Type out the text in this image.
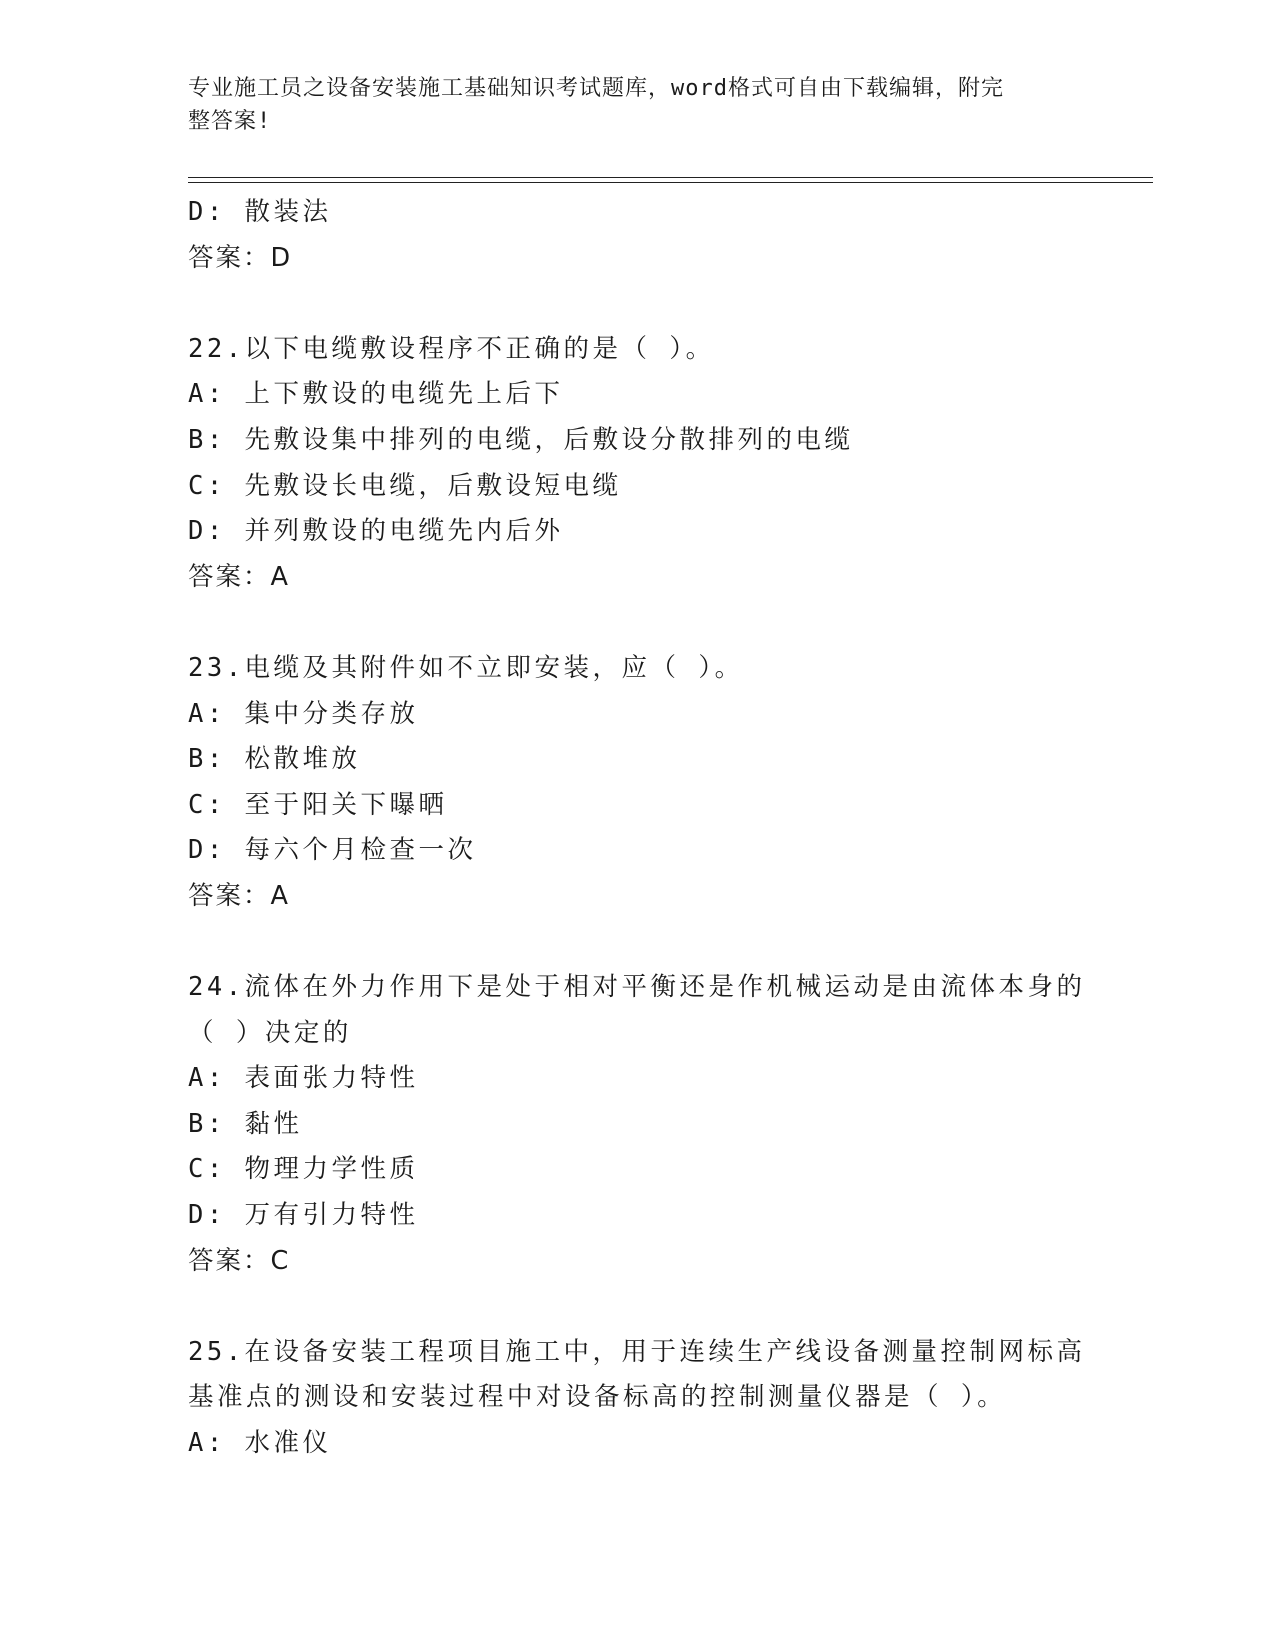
专业施工员之设备安装施工基础知识考试题库，word格式可自由下载编辑，附完
整答案!
D: 散装法
答案：D
22.以下电缆敷设程序不正确的是（ ）。
A: 上下敷设的电缆先上后下
B: 先敷设集中排列的电缆，后敷设分散排列的电缆
C: 先敷设长电缆，后敷设短电缆
D: 并列敷设的电缆先内后外
答案：A
23.电缆及其附件如不立即安装，应（ ）。
A: 集中分类存放
B: 松散堆放
C: 至于阳关下曝晒
D: 每六个月检查一次
答案：A
24.流体在外力作用下是处于相对平衡还是作机械运动是由流体本身的
（ ）决定的
A: 表面张力特性
B: 黏性
C: 物理力学性质
D: 万有引力特性
答案：C
25.在设备安装工程项目施工中，用于连续生产线设备测量控制网标高
基准点的测设和安装过程中对设备标高的控制测量仪器是（ ）。
A: 水准仪
